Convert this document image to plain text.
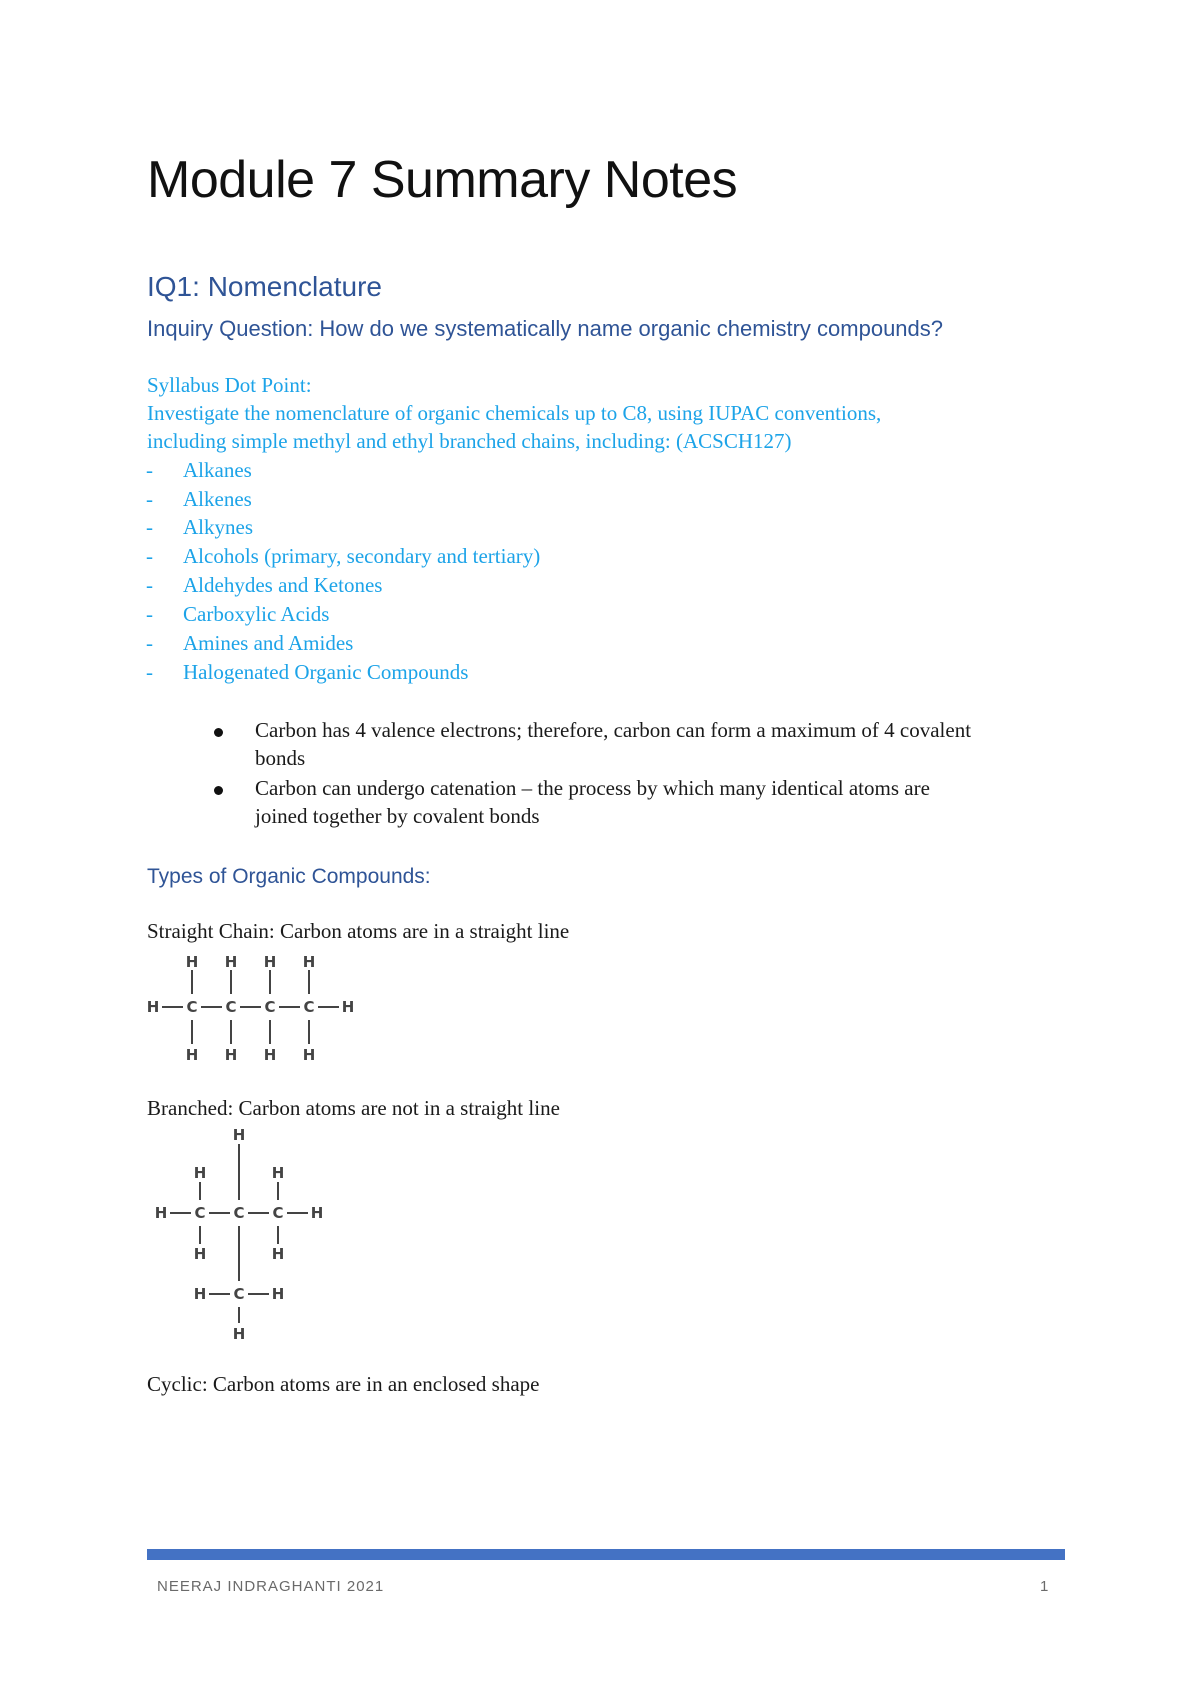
Module 7 Summary Notes
IQ1: Nomenclature
Inquiry Question: How do we systematically name organic chemistry compounds?
Syllabus Dot Point:
Investigate the nomenclature of organic chemicals up to C8, using IUPAC conventions,
including simple methyl and ethyl branched chains, including: (ACSCH127)
- Alkanes
- Alkenes
- Alkynes
- Alcohols (primary, secondary and tertiary)
- Aldehydes and Ketones
- Carboxylic Acids
- Amines and Amides
- Halogenated Organic Compounds
Carbon has 4 valence electrons; therefore, carbon can form a maximum of 4 covalent
bonds
Carbon can undergo catenation – the process by which many identical atoms are
joined together by covalent bonds
Types of Organic Compounds:
Straight Chain: Carbon atoms are in a straight line
H C C C C H
H H H H
H H H H
Branched: Carbon atoms are not in a straight line
H C C C H
H
H	H
H	H
H C H
H
Cyclic: Carbon atoms are in an enclosed shape
NEERAJ INDRAGHANTI 2021	1
